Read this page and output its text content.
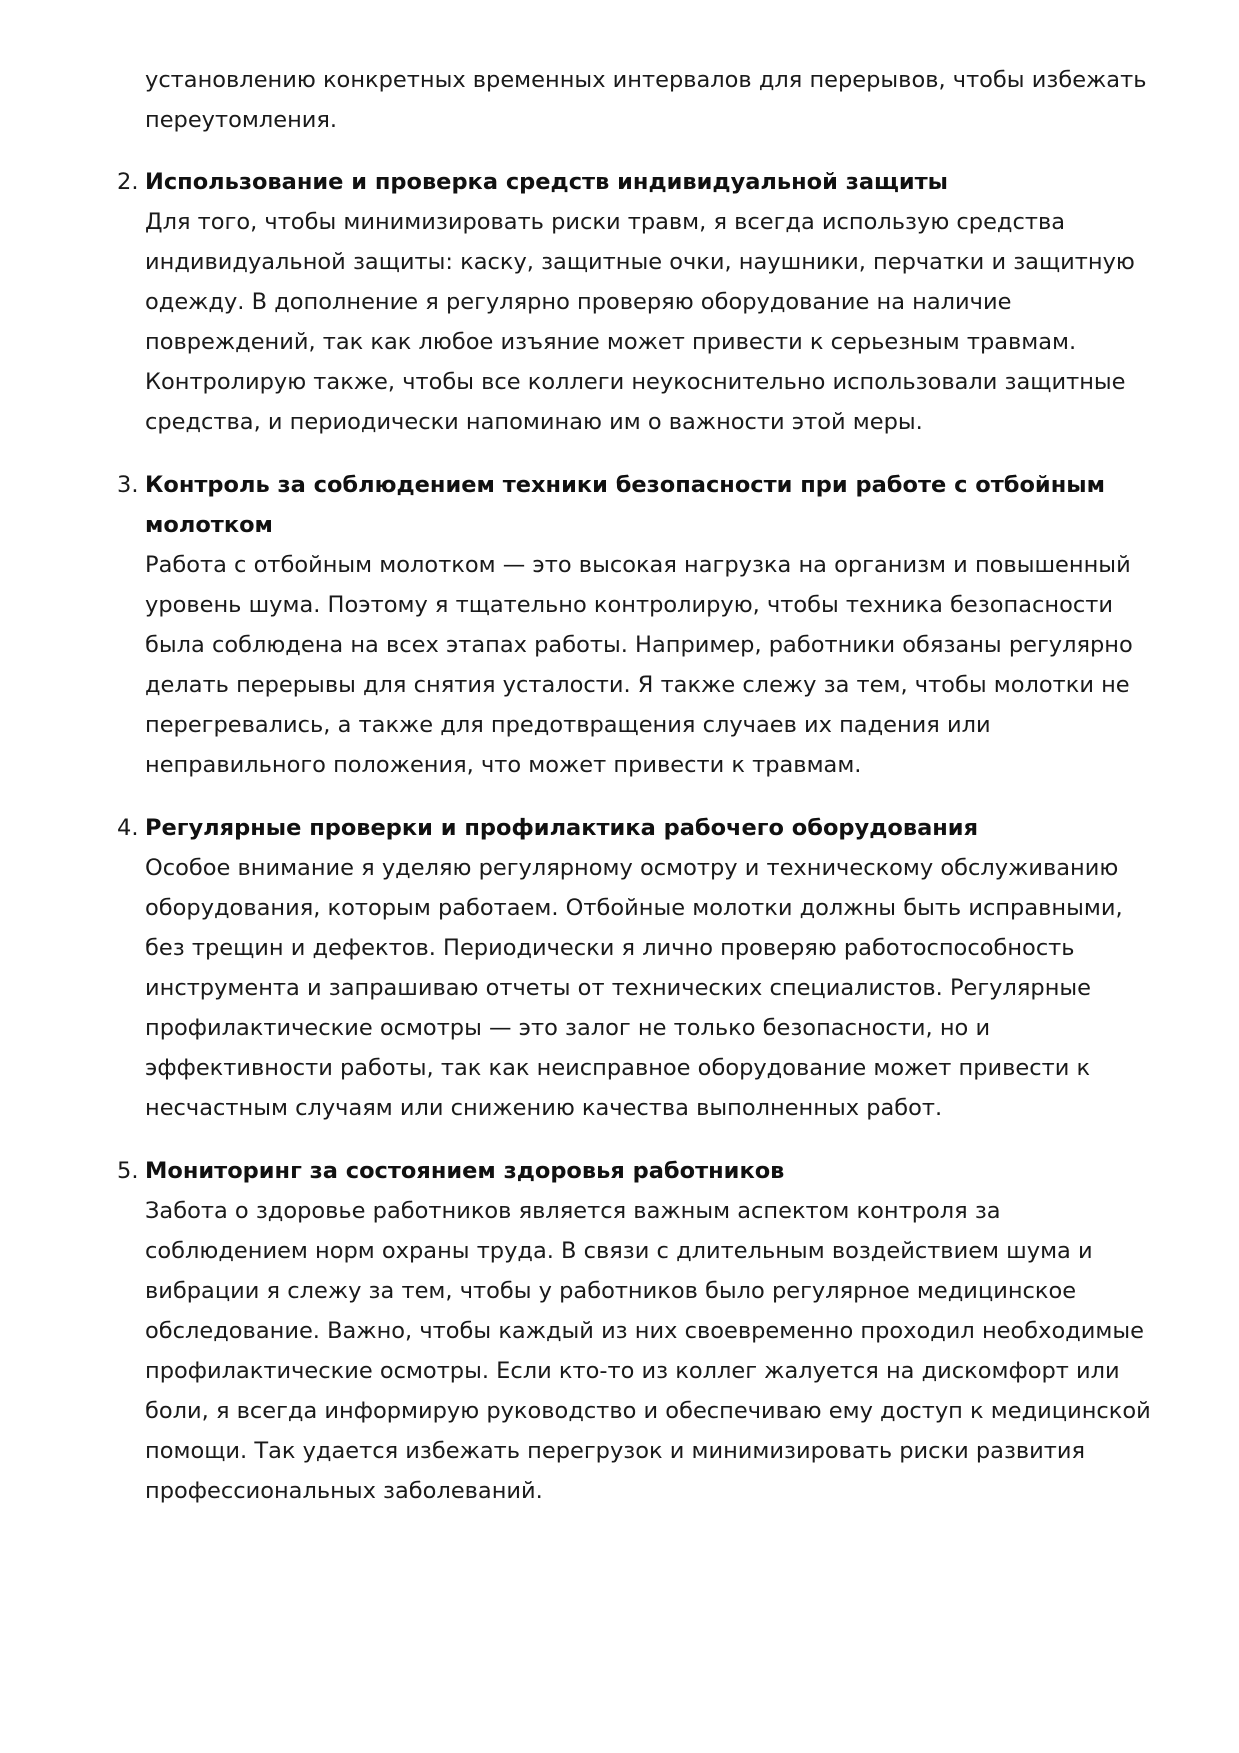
установлению конкретных временных интервалов для перерывов, чтобы избежать переутомления.

2. Использование и проверка средств индивидуальной защиты

Для того, чтобы минимизировать риски травм, я всегда использую средства индивидуальной защиты: каску, защитные очки, наушники, перчатки и защитную одежду. В дополнение я регулярно проверяю оборудование на наличие повреждений, так как любое изъяние может привести к серьезным травмам. Контролирую также, чтобы все коллеги неукоснительно использовали защитные средства, и периодически напоминаю им о важности этой меры.

3. Контроль за соблюдением техники безопасности при работе с отбойным молотком

Работа с отбойным молотком — это высокая нагрузка на организм и повышенный уровень шума. Поэтому я тщательно контролирую, чтобы техника безопасности была соблюдена на всех этапах работы. Например, работники обязаны регулярно делать перерывы для снятия усталости. Я также слежу за тем, чтобы молотки не перегревались, а также для предотвращения случаев их падения или неправильного положения, что может привести к травмам.

4. Регулярные проверки и профилактика рабочего оборудования

Особое внимание я уделяю регулярному осмотру и техническому обслуживанию оборудования, которым работаем. Отбойные молотки должны быть исправными, без трещин и дефектов. Периодически я лично проверяю работоспособность инструмента и запрашиваю отчеты от технических специалистов. Регулярные профилактические осмотры — это залог не только безопасности, но и эффективности работы, так как неисправное оборудование может привести к несчастным случаям или снижению качества выполненных работ.

5. Мониторинг за состоянием здоровья работников

Забота о здоровье работников является важным аспектом контроля за соблюдением норм охраны труда. В связи с длительным воздействием шума и вибрации я слежу за тем, чтобы у работников было регулярное медицинское обследование. Важно, чтобы каждый из них своевременно проходил необходимые профилактические осмотры. Если кто-то из коллег жалуется на дискомфорт или боли, я всегда информирую руководство и обеспечиваю ему доступ к медицинской помощи. Так удается избежать перегрузок и минимизировать риски развития профессиональных заболеваний.
